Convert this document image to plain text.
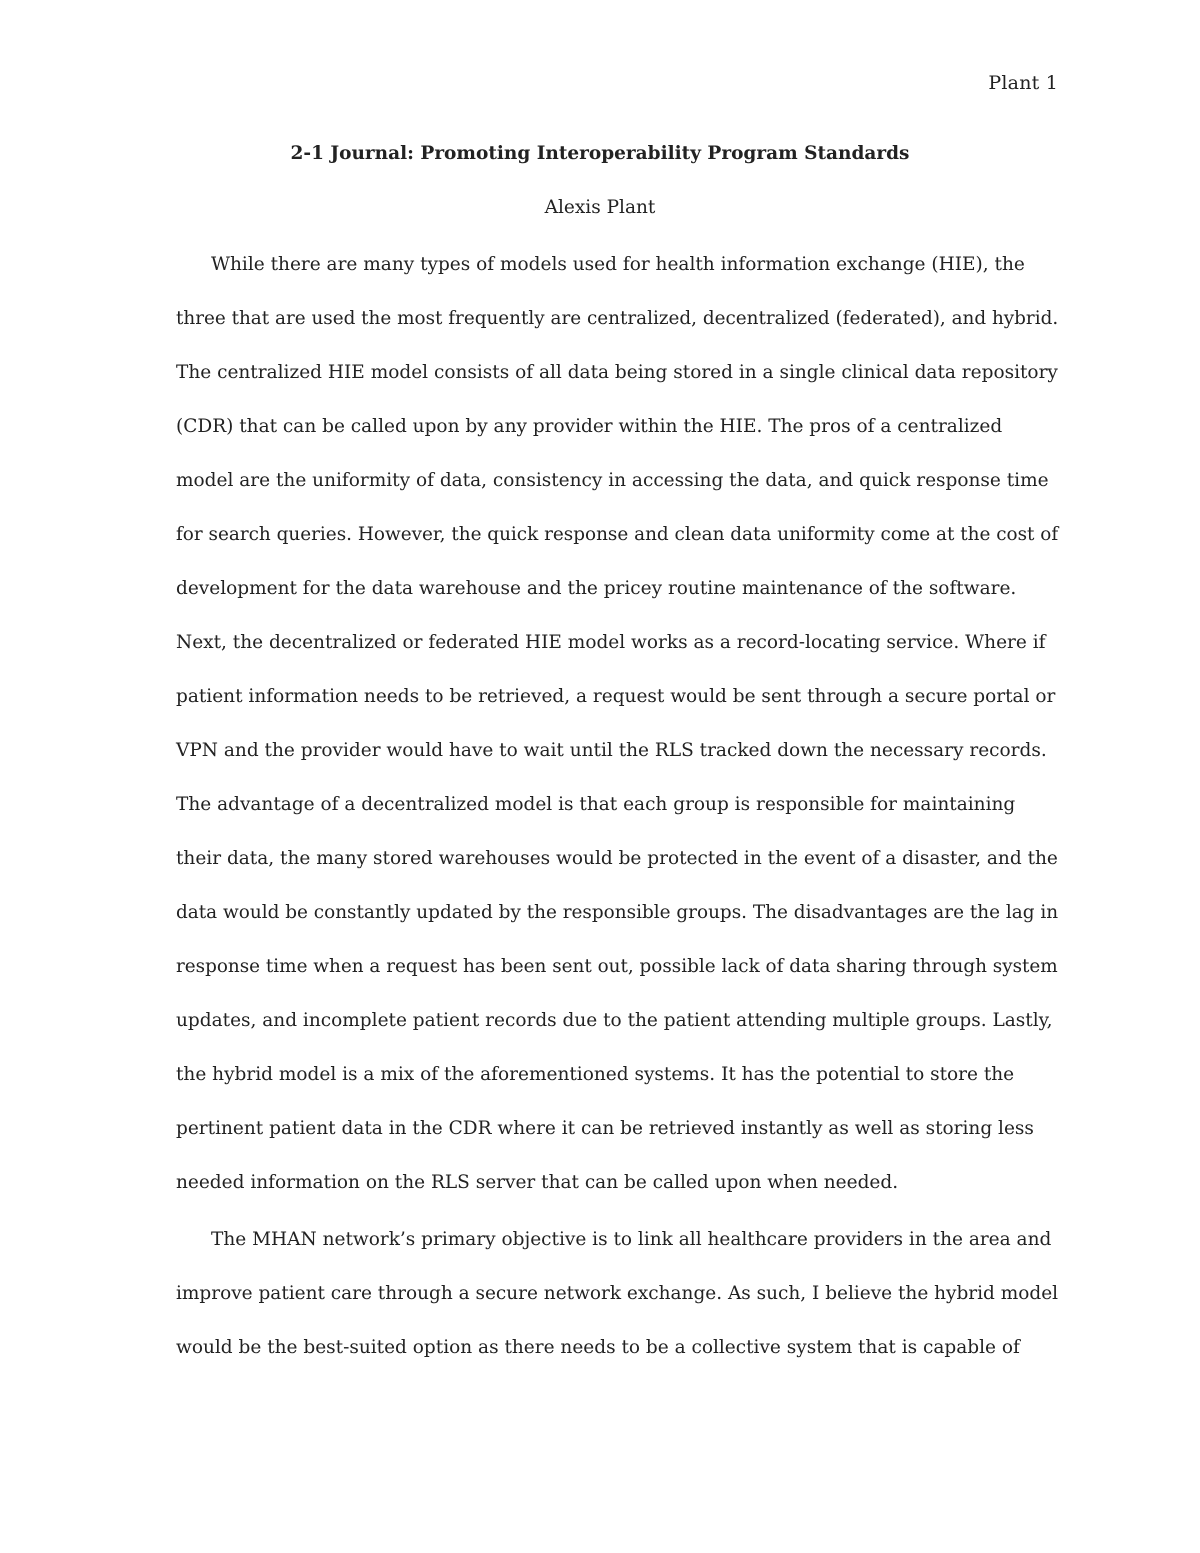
Plant 1
2-1 Journal: Promoting Interoperability Program Standards
Alexis Plant
While there are many types of models used for health information exchange (HIE), the
three that are used the most frequently are centralized, decentralized (federated), and hybrid.
The centralized HIE model consists of all data being stored in a single clinical data repository
(CDR) that can be called upon by any provider within the HIE. The pros of a centralized
model are the uniformity of data, consistency in accessing the data, and quick response time
for search queries. However, the quick response and clean data uniformity come at the cost of
development for the data warehouse and the pricey routine maintenance of the software.
Next, the decentralized or federated HIE model works as a record-locating service. Where if
patient information needs to be retrieved, a request would be sent through a secure portal or
VPN and the provider would have to wait until the RLS tracked down the necessary records.
The advantage of a decentralized model is that each group is responsible for maintaining
their data, the many stored warehouses would be protected in the event of a disaster, and the
data would be constantly updated by the responsible groups. The disadvantages are the lag in
response time when a request has been sent out, possible lack of data sharing through system
updates, and incomplete patient records due to the patient attending multiple groups. Lastly,
the hybrid model is a mix of the aforementioned systems. It has the potential to store the
pertinent patient data in the CDR where it can be retrieved instantly as well as storing less
needed information on the RLS server that can be called upon when needed.
The MHAN network’s primary objective is to link all healthcare providers in the area and
improve patient care through a secure network exchange. As such, I believe the hybrid model
would be the best-suited option as there needs to be a collective system that is capable of
